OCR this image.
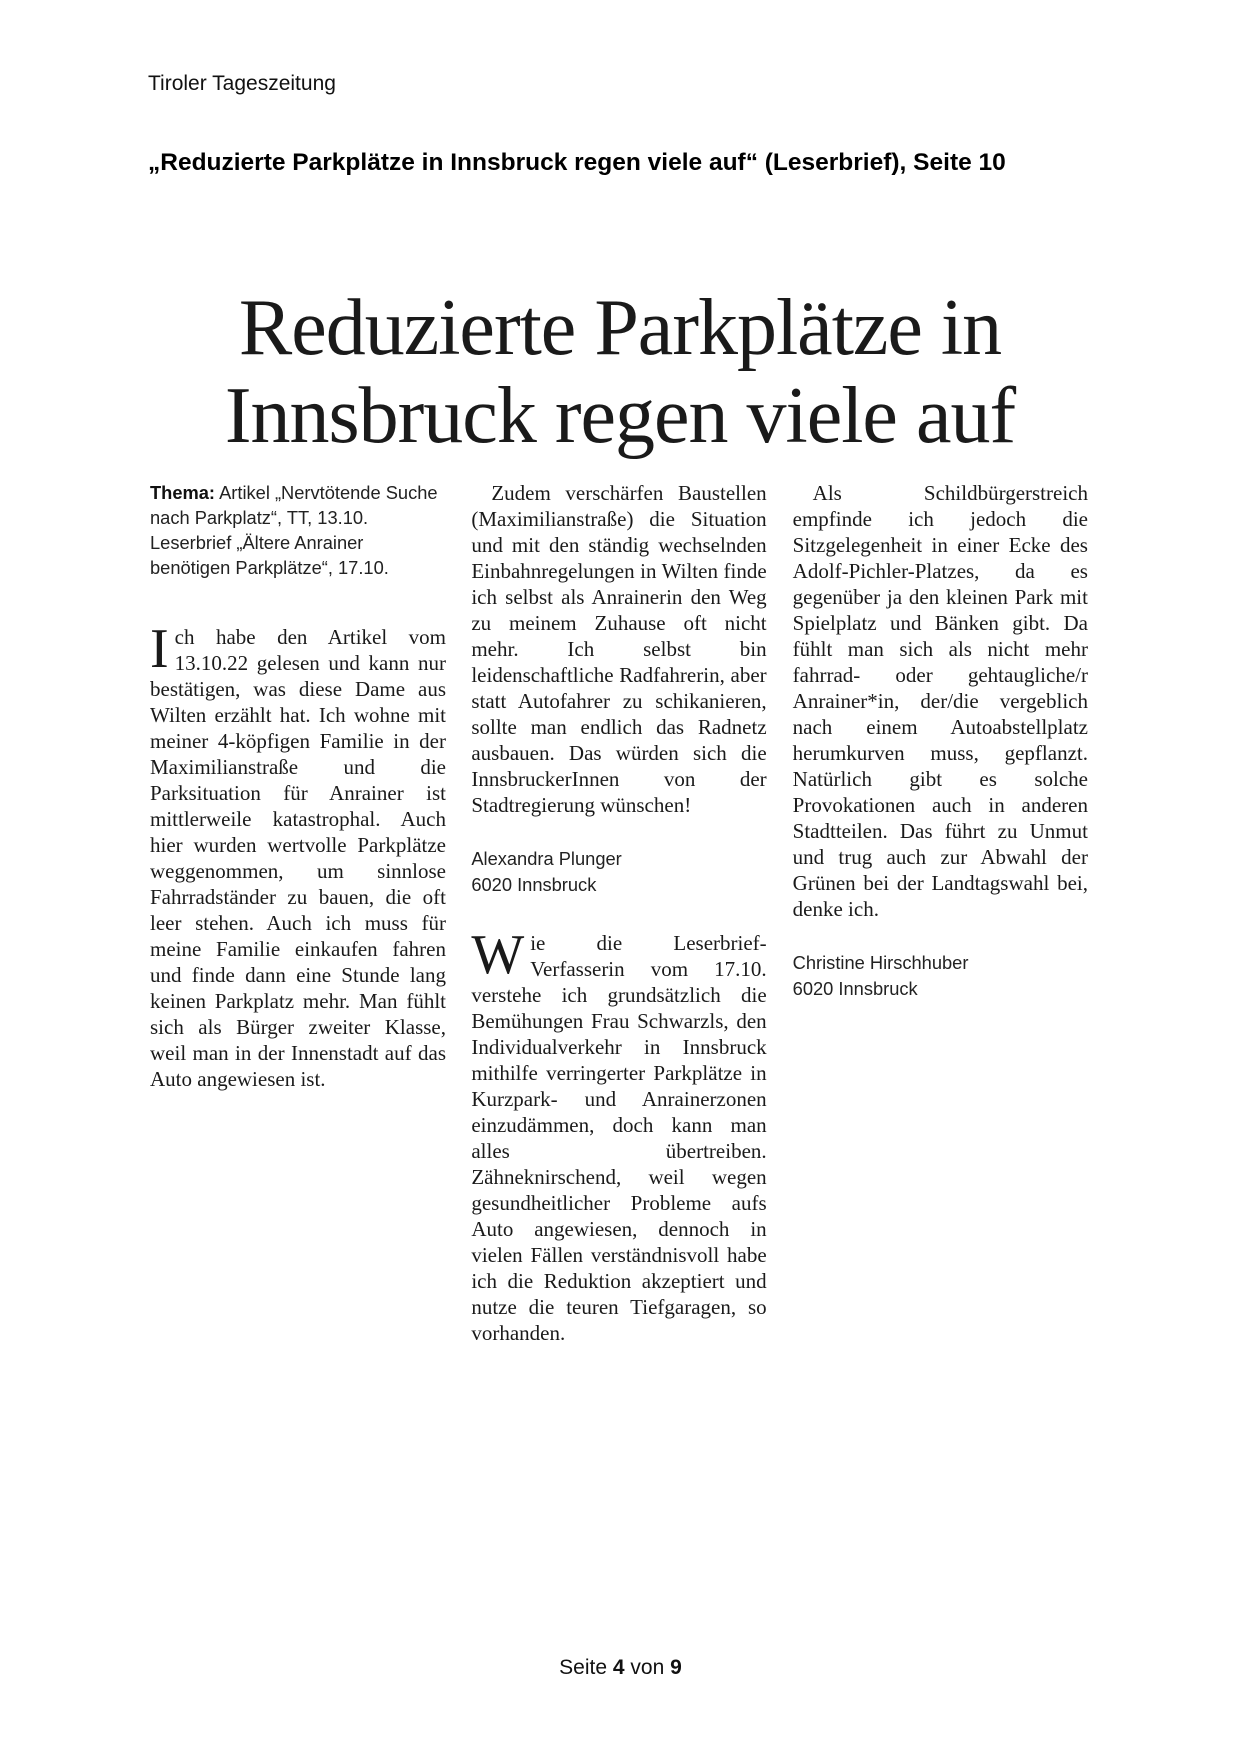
Tiroler Tageszeitung
„Reduzierte Parkplätze in Innsbruck regen viele auf“ (Leserbrief), Seite 10
Reduzierte Parkplätze in Innsbruck regen viele auf

Thema: Artikel „Nervtötende Suche nach Parkplatz“, TT, 13.10. Leserbrief „Ältere Anrainer benötigen Parkplätze“, 17.10.

Ich habe den Artikel vom 13.10.22 gelesen und kann nur bestätigen, was diese Dame aus Wilten erzählt hat. Ich wohne mit meiner 4-köpfigen Familie in der Maximilianstraße und die Parksituation für Anrainer ist mittlerweile katastrophal. Auch hier wurden wertvolle Parkplätze weggenommen, um sinnlose Fahrradständer zu bauen, die oft leer stehen. Auch ich muss für meine Familie einkaufen fahren und finde dann eine Stunde lang keinen Parkplatz mehr. Man fühlt sich als Bürger zweiter Klasse, weil man in der Innenstadt auf das Auto angewiesen ist.

Zudem verschärfen Baustellen (Maximilianstraße) die Situation und mit den ständig wechselnden Einbahnregelungen in Wilten finde ich selbst als Anrainerin den Weg zu meinem Zuhause oft nicht mehr. Ich selbst bin leidenschaftliche Radfahrerin, aber statt Autofahrer zu schikanieren, sollte man endlich das Radnetz ausbauen. Das würden sich die InnsbruckerInnen von der Stadtregierung wünschen!

Alexandra Plunger
6020 Innsbruck

Wie die Leserbrief-Verfasserin vom 17.10. verstehe ich grundsätzlich die Bemühungen Frau Schwarzls, den Individualverkehr in Innsbruck mithilfe verringerter Parkplätze in Kurzpark- und Anrainerzonen einzudämmen, doch kann man alles übertreiben. Zähneknirschend, weil wegen gesundheitlicher Probleme aufs Auto angewiesen, dennoch in vielen Fällen verständnisvoll habe ich die Reduktion akzeptiert und nutze die teuren Tiefgaragen, so vorhanden.

Als Schildbürgerstreich empfinde ich jedoch die Sitzgelegenheit in einer Ecke des Adolf-Pichler-Platzes, da es gegenüber ja den kleinen Park mit Spielplatz und Bänken gibt. Da fühlt man sich als nicht mehr fahrrad- oder gehtaugliche/r Anrainer*in, der/die vergeblich nach einem Autoabstellplatz herumkurven muss, gepflanzt. Natürlich gibt es solche Provokationen auch in anderen Stadtteilen. Das führt zu Unmut und trug auch zur Abwahl der Grünen bei der Landtagswahl bei, denke ich.

Christine Hirschhuber
6020 Innsbruck
Seite 4 von 9
